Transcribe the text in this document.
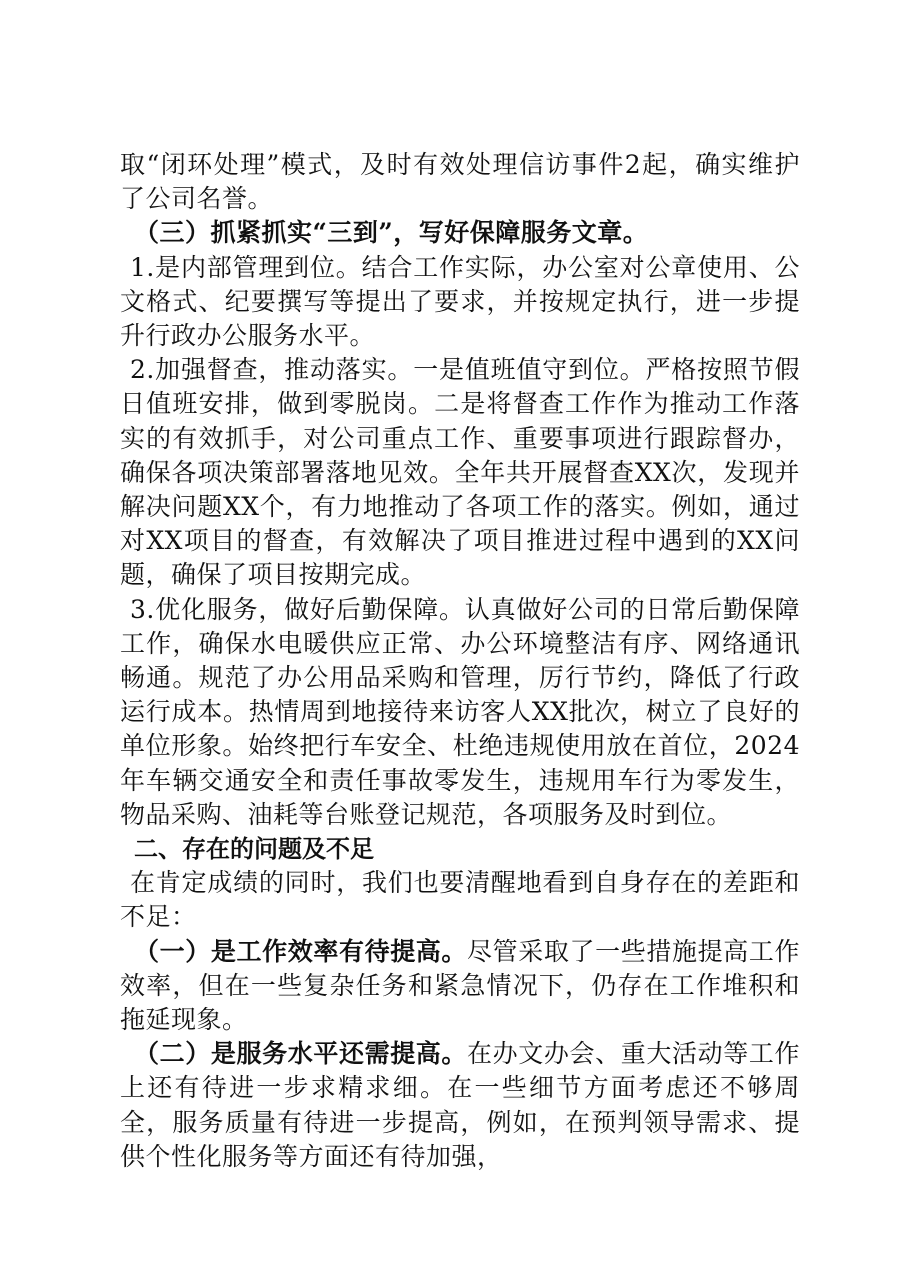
取“闭环处理”模式，及时有效处理信访事件2起，确实维护了公司名誉。

（三）抓紧抓实“三到”，写好保障服务文章。

1.是内部管理到位。结合工作实际，办公室对公章使用、公文格式、纪要撰写等提出了要求，并按规定执行，进一步提升行政办公服务水平。

2.加强督查，推动落实。一是值班值守到位。严格按照节假日值班安排，做到零脱岗。二是将督查工作作为推动工作落实的有效抓手，对公司重点工作、重要事项进行跟踪督办，确保各项决策部署落地见效。全年共开展督查XX次，发现并解决问题XX个，有力地推动了各项工作的落实。例如，通过对XX项目的督查，有效解决了项目推进过程中遇到的XX问题，确保了项目按期完成。

3.优化服务，做好后勤保障。认真做好公司的日常后勤保障工作，确保水电暖供应正常、办公环境整洁有序、网络通讯畅通。规范了办公用品采购和管理，厉行节约，降低了行政运行成本。热情周到地接待来访客人XX批次，树立了良好的单位形象。始终把行车安全、杜绝违规使用放在首位，2024年车辆交通安全和责任事故零发生，违规用车行为零发生，物品采购、油耗等台账登记规范，各项服务及时到位。

二、存在的问题及不足

在肯定成绩的同时，我们也要清醒地看到自身存在的差距和不足：

（一）是工作效率有待提高。尽管采取了一些措施提高工作效率，但在一些复杂任务和紧急情况下，仍存在工作堆积和拖延现象。

（二）是服务水平还需提高。在办文办会、重大活动等工作上还有待进一步求精求细。在一些细节方面考虑还不够周全，服务质量有待进一步提高，例如，在预判领导需求、提供个性化服务等方面还有待加强，
